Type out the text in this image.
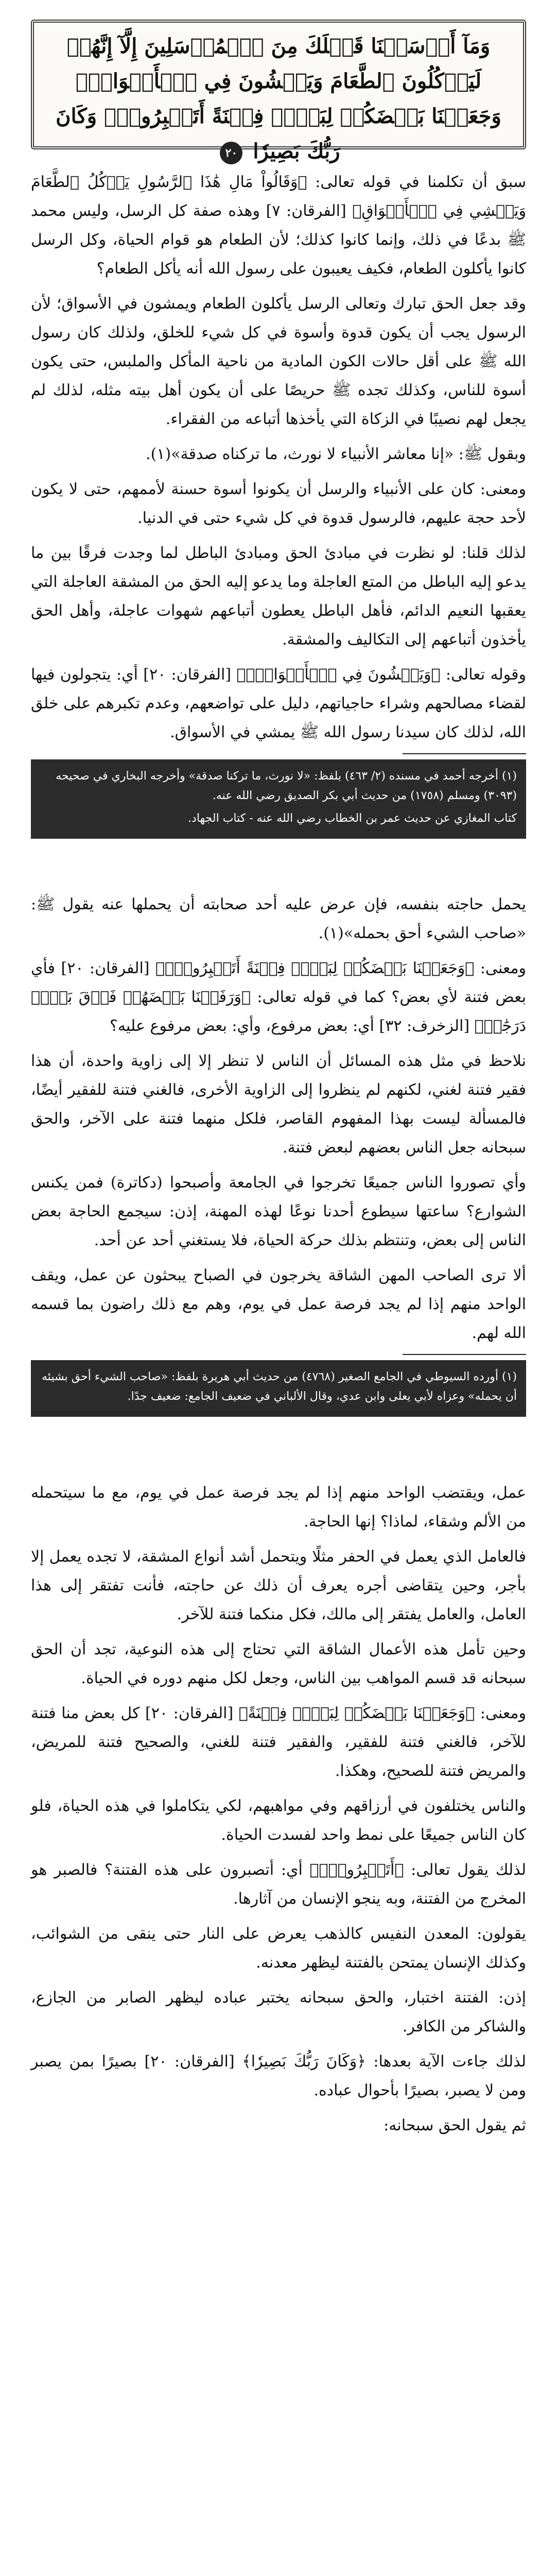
وَمَآ أَرۡسَلۡنَا قَبۡلَكَ مِنَ ٱلۡمُرۡسَلِينَ إِلَّآ إِنَّهُمۡ لَيَأۡكُلُونَ ٱلطَّعَامَ وَيَمۡشُونَ فِي ٱلۡأَسۡوَاقِۗ وَجَعَلۡنَا بَعۡضَكُمۡ لِبَعۡضٖ فِتۡنَةً أَتَصۡبِرُونَۗ وَكَانَ رَبُّكَ بَصِيرٗا ٢٠

سبق أن تكلمنا في قوله تعالى: ﴿وَقَالُواْ مَالِ هَٰذَا ٱلرَّسُولِ يَأۡكُلُ ٱلطَّعَامَ وَيَمۡشِي فِي ٱلۡأَسۡوَاقِ﴾ [الفرقان: ٧] وهذه صفة كل الرسل، وليس محمد ﷺ بدعًا في ذلك، وإنما كانوا كذلك؛ لأن الطعام هو قوام الحياة، وكل الرسل كانوا يأكلون الطعام، فكيف يعيبون على رسول الله أنه يأكل الطعام؟

وقد جعل الحق تبارك وتعالى الرسل يأكلون الطعام ويمشون في الأسواق؛ لأن الرسول يجب أن يكون قدوة وأسوة في كل شيء للخلق، ولذلك كان رسول الله ﷺ على أقل حالات الكون المادية من ناحية المأكل والملبس، حتى يكون أسوة للناس، وكذلك تجده ﷺ حريصًا على أن يكون أهل بيته مثله، لذلك لم يجعل لهم نصيبًا في الزكاة التي يأخذها أتباعه من الفقراء.

وبقول ﷺ: «إنا معاشر الأنبياء لا نورث، ما تركناه صدقة»(١).

ومعنى: كان على الأنبياء والرسل أن يكونوا أسوة حسنة لأممهم، حتى لا يكون لأحد حجة عليهم، فالرسول قدوة في كل شيء حتى في الدنيا.

لذلك قلنا: لو نظرت في مبادئ الحق ومبادئ الباطل لما وجدت فرقًا بين ما يدعو إليه الباطل من المتع العاجلة وما يدعو إليه الحق من المشقة العاجلة التي يعقبها النعيم الدائم، فأهل الباطل يعطون أتباعهم شهوات عاجلة، وأهل الحق يأخذون أتباعهم إلى التكاليف والمشقة.

وقوله تعالى: ﴿وَيَمۡشُونَ فِي ٱلۡأَسۡوَاقِۗ﴾ [الفرقان: ٢٠] أي: يتجولون فيها لقضاء مصالحهم وشراء حاجياتهم، دليل على تواضعهم، وعدم تكبرهم على خلق الله، لذلك كان سيدنا رسول الله ﷺ يمشي في الأسواق.

(١) أخرجه أحمد في مسنده (٢/ ٤٦٣) بلفظ: «لا نورث، ما تركنا صدقة» وأخرجه البخاري في صحيحه (٣٠٩٣) ومسلم (١٧٥٨) من حديث أبي بكر الصديق رضي الله عنه.

كتاب المغازي عن حديث عمر بن الخطاب رضي الله عنه - كتاب الجهاد.

يحمل حاجته بنفسه، فإن عرض عليه أحد صحابته أن يحملها عنه يقول ﷺ: «صاحب الشيء أحق بحمله»(١).

ومعنى: ﴿وَجَعَلۡنَا بَعۡضَكُمۡ لِبَعۡضٖ فِتۡنَةً أَتَصۡبِرُونَۗ﴾ [الفرقان: ٢٠] فأي بعض فتنة لأي بعض؟ كما في قوله تعالى: ﴿وَرَفَعۡنَا بَعۡضَهُمۡ فَوۡقَ بَعۡضٖ دَرَجَٰتٖ﴾ [الزخرف: ٣٢] أي: بعض مرفوع، وأي: بعض مرفوع عليه؟

نلاحظ في مثل هذه المسائل أن الناس لا تنظر إلا إلى زاوية واحدة، أن هذا فقير فتنة لغني، لكنهم لم ينظروا إلى الزاوية الأخرى، فالغني فتنة للفقير أيضًا، فالمسألة ليست بهذا المفهوم القاصر، فلكل منهما فتنة على الآخر، والحق سبحانه جعل الناس بعضهم لبعض فتنة.

وأي تصوروا الناس جميعًا تخرجوا في الجامعة وأصبحوا (دكاترة) فمن يكنس الشوارع؟ ساعتها سيطوع أحدنا نوعًا لهذه المهنة، إذن: سيجمع الحاجة بعض الناس إلى بعض، وتنتظم بذلك حركة الحياة، فلا يستغني أحد عن أحد.

ألا ترى الصاحب المهن الشاقة يخرجون في الصباح يبحثون عن عمل، ويقف الواحد منهم إذا لم يجد فرصة عمل في يوم، وهم مع ذلك راضون بما قسمه الله لهم.

(١) أورده السيوطي في الجامع الصغير (٤٧٦٨) من حديث أبي هريرة بلفظ: «صاحب الشيء أحق بشيئه أن يحمله» وعزاه لأبي يعلى وابن عدي، وقال الألباني في ضعيف الجامع: ضعيف جدًا.

عمل، ويقتضب الواحد منهم إذا لم يجد فرصة عمل في يوم، مع ما سيتحمله من الألم وشقاء، لماذا؟ إنها الحاجة.

فالعامل الذي يعمل في الحفر مثلًا ويتحمل أشد أنواع المشقة، لا تجده يعمل إلا بأجر، وحين يتقاضى أجره يعرف أن ذلك عن حاجته، فأنت تفتقر إلى هذا العامل، والعامل يفتقر إلى مالك، فكل منكما فتنة للآخر.

وحين تأمل هذه الأعمال الشاقة التي تحتاج إلى هذه النوعية، تجد أن الحق سبحانه قد قسم المواهب بين الناس، وجعل لكل منهم دوره في الحياة.

ومعنى: ﴿وَجَعَلۡنَا بَعۡضَكُمۡ لِبَعۡضٖ فِتۡنَةً﴾ [الفرقان: ٢٠] كل بعض منا فتنة للآخر، فالغني فتنة للفقير، والفقير فتنة للغني، والصحيح فتنة للمريض، والمريض فتنة للصحيح، وهكذا.

والناس يختلفون في أرزاقهم وفي مواهبهم، لكي يتكاملوا في هذه الحياة، فلو كان الناس جميعًا على نمط واحد لفسدت الحياة.

لذلك يقول تعالى: ﴿أَتَصۡبِرُونَۗ﴾ أي: أتصبرون على هذه الفتنة؟ فالصبر هو المخرج من الفتنة، وبه ينجو الإنسان من آثارها.

يقولون: المعدن النفيس كالذهب يعرض على النار حتى ينقى من الشوائب، وكذلك الإنسان يمتحن بالفتنة ليظهر معدنه.

إذن: الفتنة اختبار، والحق سبحانه يختبر عباده ليظهر الصابر من الجازع، والشاكر من الكافر.

لذلك جاءت الآية بعدها: ﴿وَكَانَ رَبُّكَ بَصِيرٗا﴾ [الفرقان: ٢٠] بصيرًا بمن يصبر ومن لا يصبر، بصيرًا بأحوال عباده.

ثم يقول الحق سبحانه:
